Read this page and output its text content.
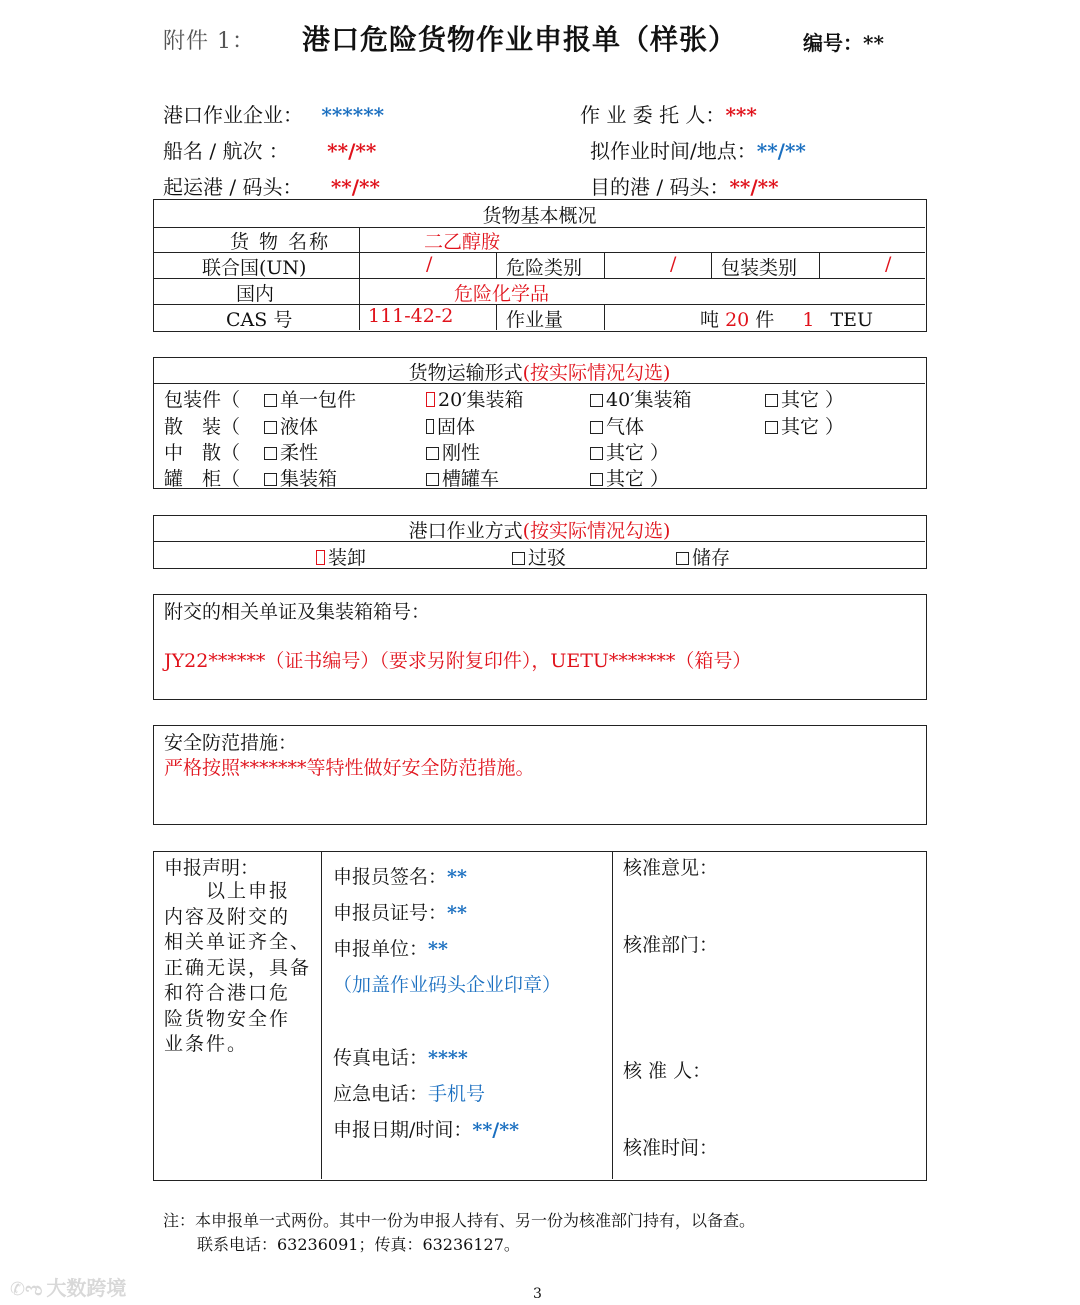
附件 1： 港口危险货物作业申报单（样张）	编号：**
港口作业企业： ******	作 业 委 托 人：***
船名 / 航次 ： **/**	拟作业时间/地点：**/**
起运港 / 码头： **/**	目的港 / 码头：**/**
货物基本概况
货 物 名称	二乙醇胺
联合国(UN)	/	危险类别	/ 包装类别	/
国内	危险化学品
CAS 号	111-42-2	作业量	吨 20 件 1 TEU
货物运输形式(按实际情况勾选)
包装件（	单一包件	20′集装箱	40′集装箱	其它 ）
散　装（	液体	固体	气体	其它 ）
中　散（	柔性	刚性	其它 ）
罐　柜（	集装箱	槽罐车	其它 ）
港口作业方式(按实际情况勾选)
装卸	过驳	储存
附交的相关单证及集装箱箱号：
JY22******（证书编号）（要求另附复印件），UETU*******（箱号）
安全防范措施：
严格按照*******等特性做好安全防范措施。
申报声明：
以上申报
内容及附交的
相关单证齐全、
正确无误，具备
和符合港口危
险货物安全作
业条件。
申报员签名：**
申报员证号：**
申报单位：**
（加盖作业码头企业印章）
传真电话：****
应急电话：手机号
申报日期/时间：**/**
核准意见：
核准部门：
核 准 人：
核准时间：
注：本申报单一式两份。其中一份为申报人持有、另一份为核准部门持有，以备查。
联系电话：63236091；传真：63236127。
✆ಌ 大数跨境	3
